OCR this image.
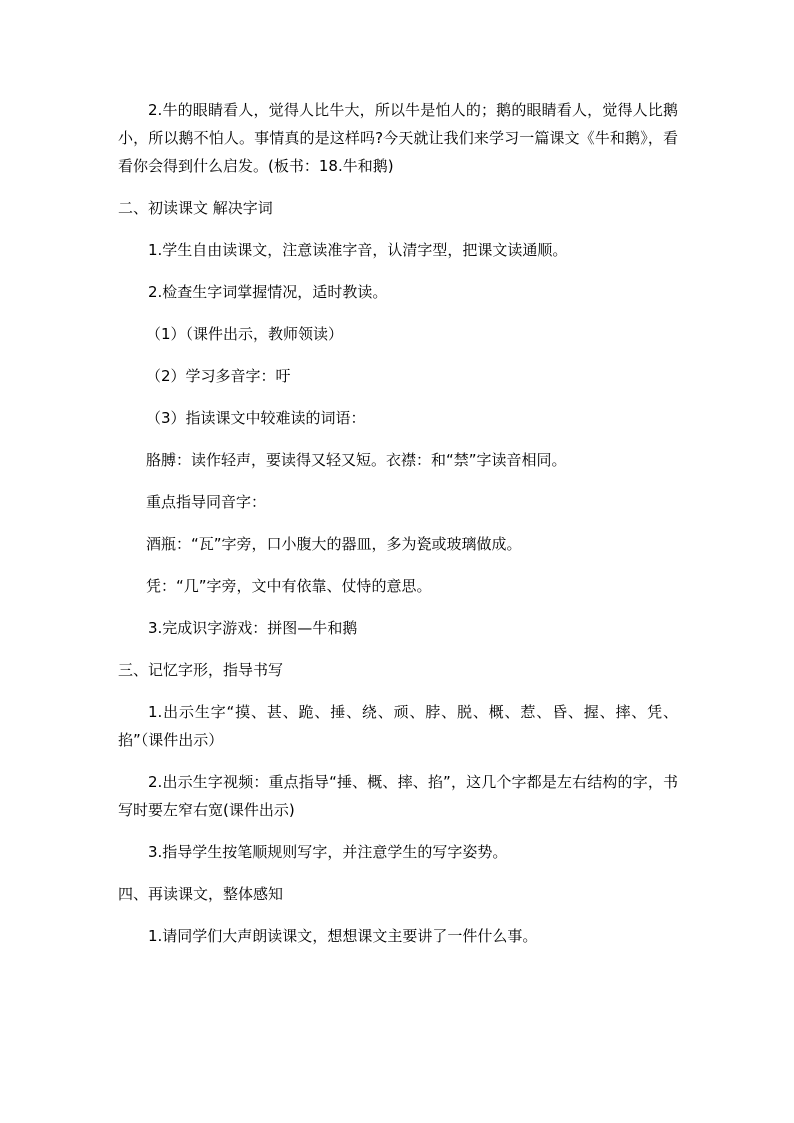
2.牛的眼睛看人，觉得人比牛大，所以牛是怕人的；鹅的眼睛看人，觉得人比鹅小，所以鹅不怕人。事情真的是这样吗?今天就让我们来学习一篇课文《牛和鹅》，看看你会得到什么启发。(板书：18.牛和鹅)

二、初读课文 解决字词

1.学生自由读课文，注意读准字音，认清字型，把课文读通顺。

2.检查生字词掌握情况，适时教读。

（1）（课件出示，教师领读）

（2）学习多音字：吁

（3）指读课文中较难读的词语：

胳膊：读作轻声，要读得又轻又短。衣襟：和“禁”字读音相同。

重点指导同音字：

酒瓶：“瓦”字旁，口小腹大的器皿，多为瓷或玻璃做成。

凭：“几”字旁，文中有依靠、仗恃的意思。

3.完成识字游戏：拼图—牛和鹅

三、记忆字形，指导书写

1.出示生字“摸、甚、跪、捶、绕、顽、脖、脱、概、惹、昏、握、摔、凭、掐”（课件出示）

2.出示生字视频：重点指导“捶、概、摔、掐”，这几个字都是左右结构的字，书写时要左窄右宽(课件出示)

3.指导学生按笔顺规则写字，并注意学生的写字姿势。

四、再读课文，整体感知

1.请同学们大声朗读课文，想想课文主要讲了一件什么事。
